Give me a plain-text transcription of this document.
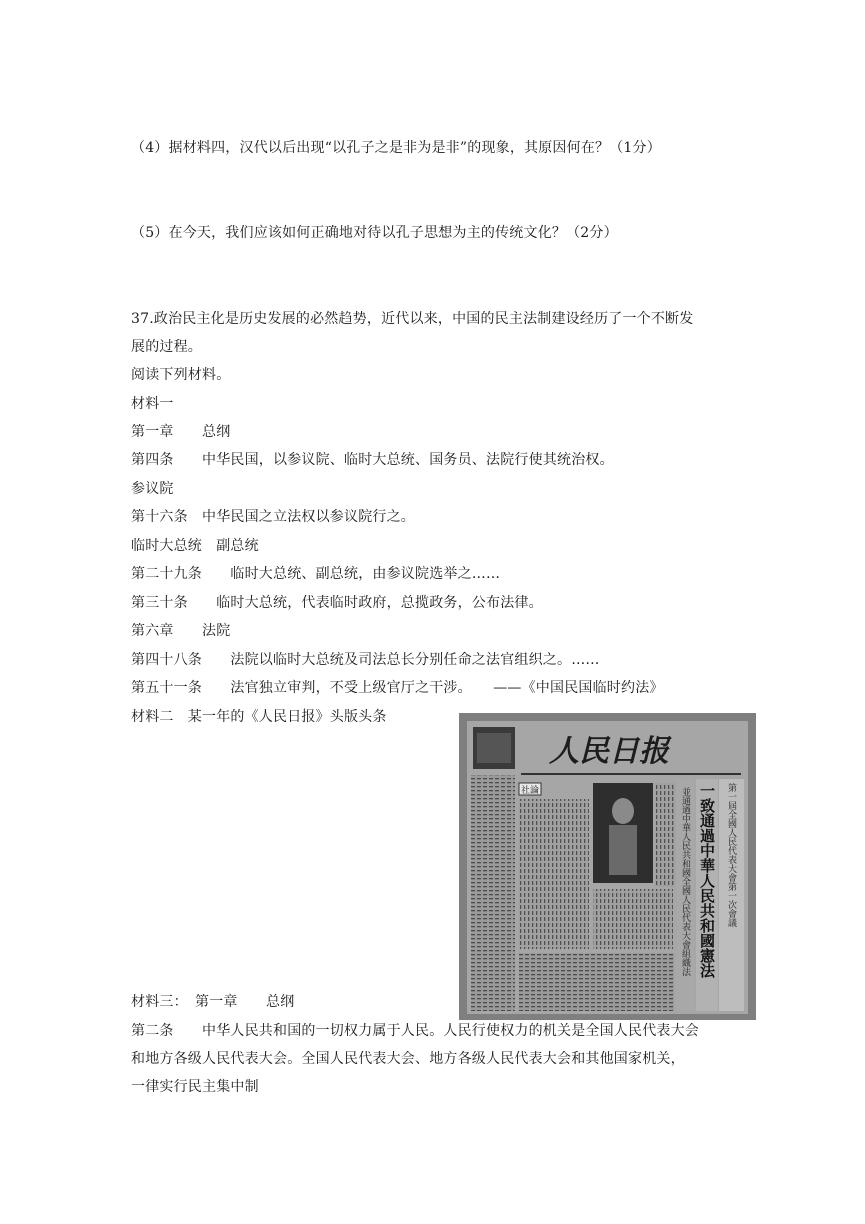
（4）据材料四，汉代以后出现“以孔子之是非为是非”的现象，其原因何在？（1分）
（5）在今天，我们应该如何正确地对待以孔子思想为主的传统文化？（2分）
37.政治民主化是历史发展的必然趋势，近代以来，中国的民主法制建设经历了一个不断发
展的过程。
阅读下列材料。
材料一
第一章　　总纲
第四条　　中华民国，以参议院、临时大总统、国务员、法院行使其统治权。
参议院
第十六条　中华民国之立法权以参议院行之。
临时大总统　副总统
第二十九条　　临时大总统、副总统，由参议院选举之……
第三十条　　临时大总统，代表临时政府，总揽政务，公布法律。
第六章　　法院
第四十八条　　法院以临时大总统及司法总长分别任命之法官组织之。……
第五十一条　　法官独立审判，不受上级官厅之干涉。　　——《中国民国临时约法》
材料二　某一年的《人民日报》头版头条
人民日报
社論	第一屆全國人民代表大會第一次會議
一致通過中華人民共和國憲法
並通過中華人民共和國全國人民代表大會組織法
材料三：　第一章　　总纲
第二条　　中华人民共和国的一切权力属于人民。人民行使权力的机关是全国人民代表大会
和地方各级人民代表大会。全国人民代表大会、地方各级人民代表大会和其他国家机关，
一律实行民主集中制
